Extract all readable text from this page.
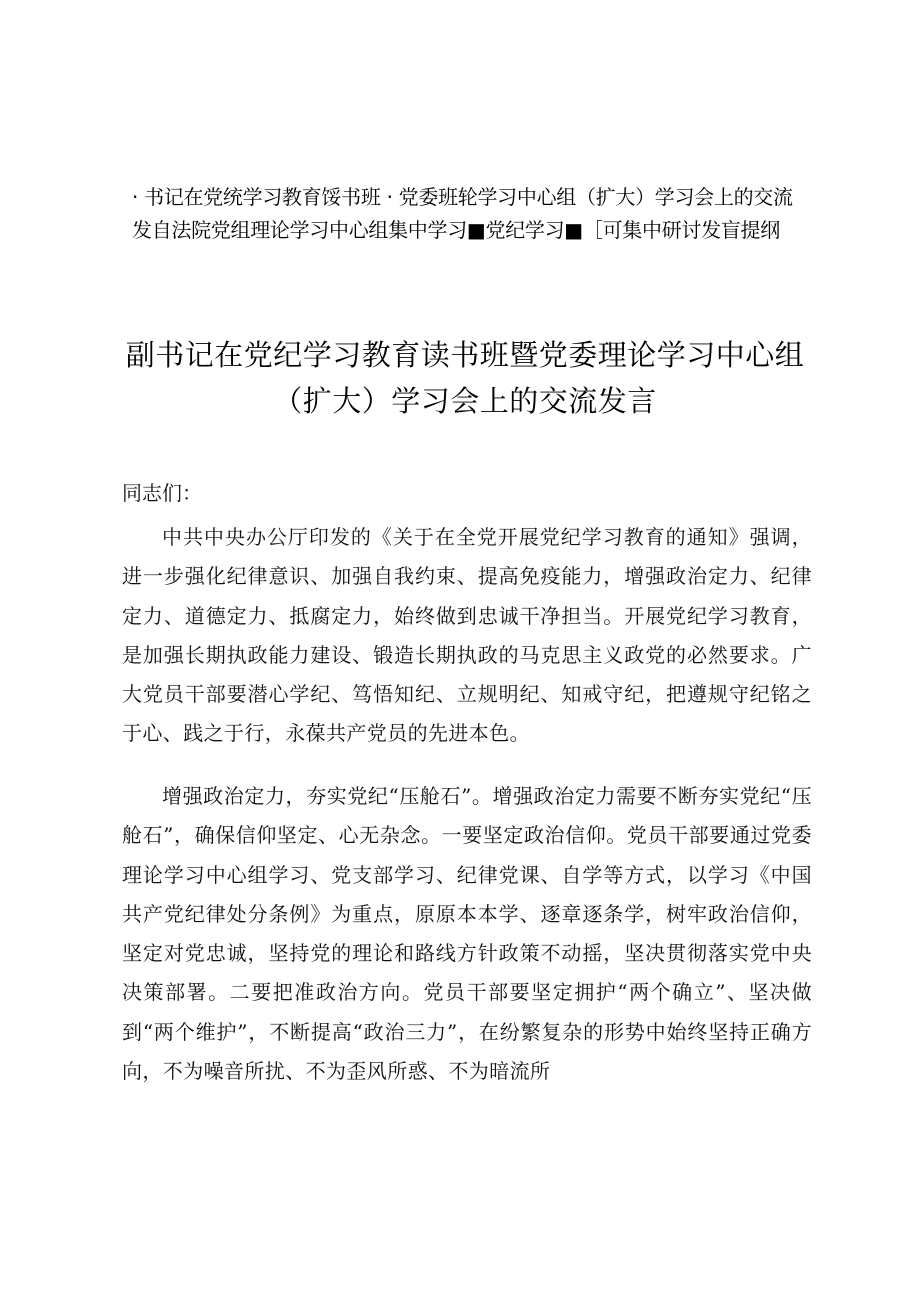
· 书记在党统学习教育馁书班 · 党委班轮学习中心组（扩大）学习会上的交流发自法院党组理论学习中心组集中学习■党纪学习■［可集中研讨发盲提纲

副书记在党纪学习教育读书班暨党委理论学习中心组
（扩大）学习会上的交流发言

同志们：

中共中央办公厅印发的《关于在全党开展党纪学习教育的通知》强调，进一步强化纪律意识、加强自我约束、提高免疫能力，增强政治定力、纪律定力、道德定力、抵腐定力，始终做到忠诚干净担当。开展党纪学习教育，是加强长期执政能力建设、锻造长期执政的马克思主义政党的必然要求。广大党员干部要潜心学纪、笃悟知纪、立规明纪、知戒守纪，把遵规守纪铭之于心、践之于行，永葆共产党员的先进本色。

增强政治定力，夯实党纪“压舱石”。增强政治定力需要不断夯实党纪“压舱石”，确保信仰坚定、心无杂念。一要坚定政治信仰。党员干部要通过党委理论学习中心组学习、党支部学习、纪律党课、自学等方式，以学习《中国共产党纪律处分条例》为重点，原原本本学、逐章逐条学，树牢政治信仰，坚定对党忠诚，坚持党的理论和路线方针政策不动摇，坚决贯彻落实党中央决策部署。二要把准政治方向。党员干部要坚定拥护“两个确立”、坚决做到“两个维护”，不断提高“政治三力”，在纷繁复杂的形势中始终坚持正确方向，不为噪音所扰、不为歪风所惑、不为暗流所
